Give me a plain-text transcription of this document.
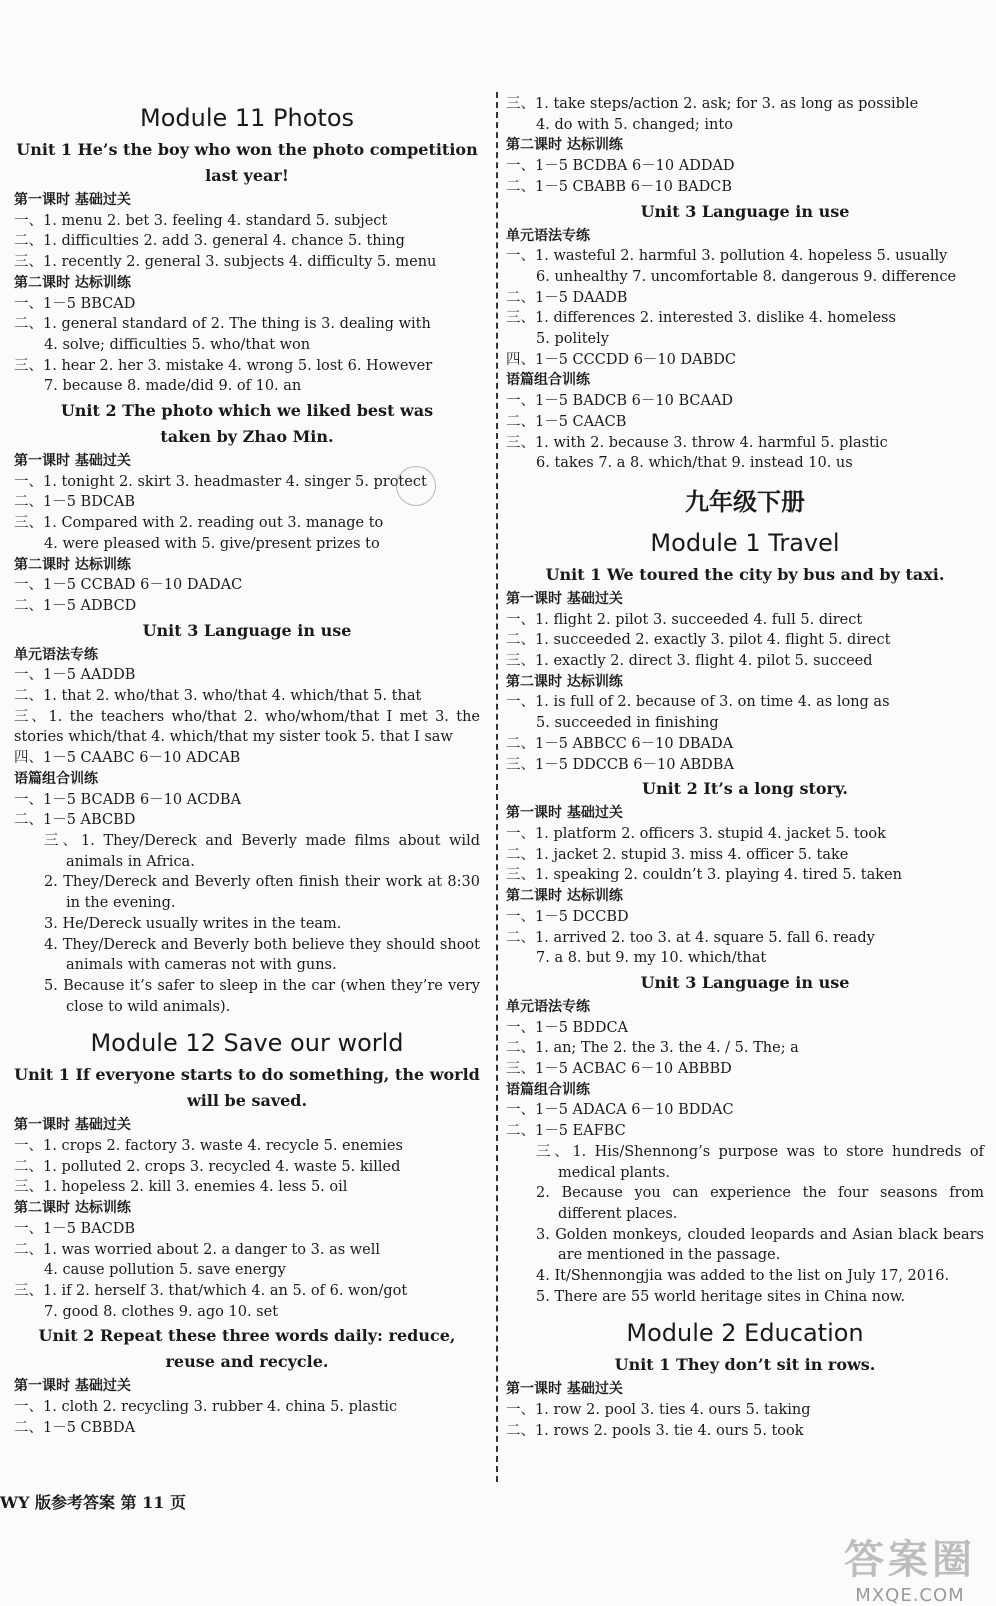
Module 11 Photos
Unit 1 He’s the boy who won the photo competition
last year!
第一课时 基础过关
一、1. menu 2. bet 3. feeling 4. standard 5. subject
二、1. difficulties 2. add 3. general 4. chance 5. thing
三、1. recently 2. general 3. subjects 4. difficulty 5. menu
第二课时 达标训练
一、1－5 BBCAD
二、1. general standard of 2. The thing is 3. dealing with
4. solve; difficulties 5. who/that won
三、1. hear 2. her 3. mistake 4. wrong 5. lost 6. However
7. because 8. made/did 9. of 10. an
Unit 2 The photo which we liked best was
taken by Zhao Min.
第一课时 基础过关
一、1. tonight 2. skirt 3. headmaster 4. singer 5. protect
二、1－5 BDCAB
三、1. Compared with 2. reading out 3. manage to
4. were pleased with 5. give/present prizes to
第二课时 达标训练
一、1－5 CCBAD 6－10 DADAC
二、1－5 ADBCD
Unit 3 Language in use
单元语法专练
一、1－5 AADDB
二、1. that 2. who/that 3. who/that 4. which/that 5. that
三、1. the teachers who/that 2. who/whom/that I met 3. the stories which/that 4. which/that my sister took 5. that I saw
四、1－5 CAABC 6－10 ADCAB
语篇组合训练
一、1－5 BCADB 6－10 ACDBA
二、1－5 ABCBD
三、1. They/Dereck and Beverly made films about wild animals in Africa.
2. They/Dereck and Beverly often finish their work at 8:30 in the evening.
3. He/Dereck usually writes in the team.
4. They/Dereck and Beverly both believe they should shoot animals with cameras not with guns.
5. Because it’s safer to sleep in the car (when they’re very close to wild animals).
Module 12 Save our world
Unit 1 If everyone starts to do something, the world
will be saved.
第一课时 基础过关
一、1. crops 2. factory 3. waste 4. recycle 5. enemies
二、1. polluted 2. crops 3. recycled 4. waste 5. killed
三、1. hopeless 2. kill 3. enemies 4. less 5. oil
第二课时 达标训练
一、1－5 BACDB
二、1. was worried about 2. a danger to 3. as well
4. cause pollution 5. save energy
三、1. if 2. herself 3. that/which 4. an 5. of 6. won/got
7. good 8. clothes 9. ago 10. set
Unit 2 Repeat these three words daily: reduce,
reuse and recycle.
第一课时 基础过关
一、1. cloth 2. recycling 3. rubber 4. china 5. plastic
二、1－5 CBBDA
三、1. take steps/action 2. ask; for 3. as long as possible
4. do with 5. changed; into
第二课时 达标训练
一、1－5 BCDBA 6－10 ADDAD
二、1－5 CBABB 6－10 BADCB
Unit 3 Language in use
单元语法专练
一、1. wasteful 2. harmful 3. pollution 4. hopeless 5. usually
6. unhealthy 7. uncomfortable 8. dangerous 9. difference
二、1－5 DAADB
三、1. differences 2. interested 3. dislike 4. homeless
5. politely
四、1－5 CCCDD 6－10 DABDC
语篇组合训练
一、1－5 BADCB 6－10 BCAAD
二、1－5 CAACB
三、1. with 2. because 3. throw 4. harmful 5. plastic
6. takes 7. a 8. which/that 9. instead 10. us
九年级下册
Module 1 Travel
Unit 1 We toured the city by bus and by taxi.
第一课时 基础过关
一、1. flight 2. pilot 3. succeeded 4. full 5. direct
二、1. succeeded 2. exactly 3. pilot 4. flight 5. direct
三、1. exactly 2. direct 3. flight 4. pilot 5. succeed
第二课时 达标训练
一、1. is full of 2. because of 3. on time 4. as long as
5. succeeded in finishing
二、1－5 ABBCC 6－10 DBADA
三、1－5 DDCCB 6－10 ABDBA
Unit 2 It’s a long story.
第一课时 基础过关
一、1. platform 2. officers 3. stupid 4. jacket 5. took
二、1. jacket 2. stupid 3. miss 4. officer 5. take
三、1. speaking 2. couldn’t 3. playing 4. tired 5. taken
第二课时 达标训练
一、1－5 DCCBD
二、1. arrived 2. too 3. at 4. square 5. fall 6. ready
7. a 8. but 9. my 10. which/that
Unit 3 Language in use
单元语法专练
一、1－5 BDDCA
二、1. an; The 2. the 3. the 4. / 5. The; a
三、1－5 ACBAC 6－10 ABBBD
语篇组合训练
一、1－5 ADACA 6－10 BDDAC
二、1－5 EAFBC
三、1. His/Shennong’s purpose was to store hundreds of medical plants.
2. Because you can experience the four seasons from different places.
3. Golden monkeys, clouded leopards and Asian black bears are mentioned in the passage.
4. It/Shennongjia was added to the list on July 17, 2016.
5. There are 55 world heritage sites in China now.
Module 2 Education
Unit 1 They don’t sit in rows.
第一课时 基础过关
一、1. row 2. pool 3. ties 4. ours 5. taking
二、1. rows 2. pools 3. tie 4. ours 5. took
WY 版参考答案 第 11 页
答案圈
MXQE.COM
